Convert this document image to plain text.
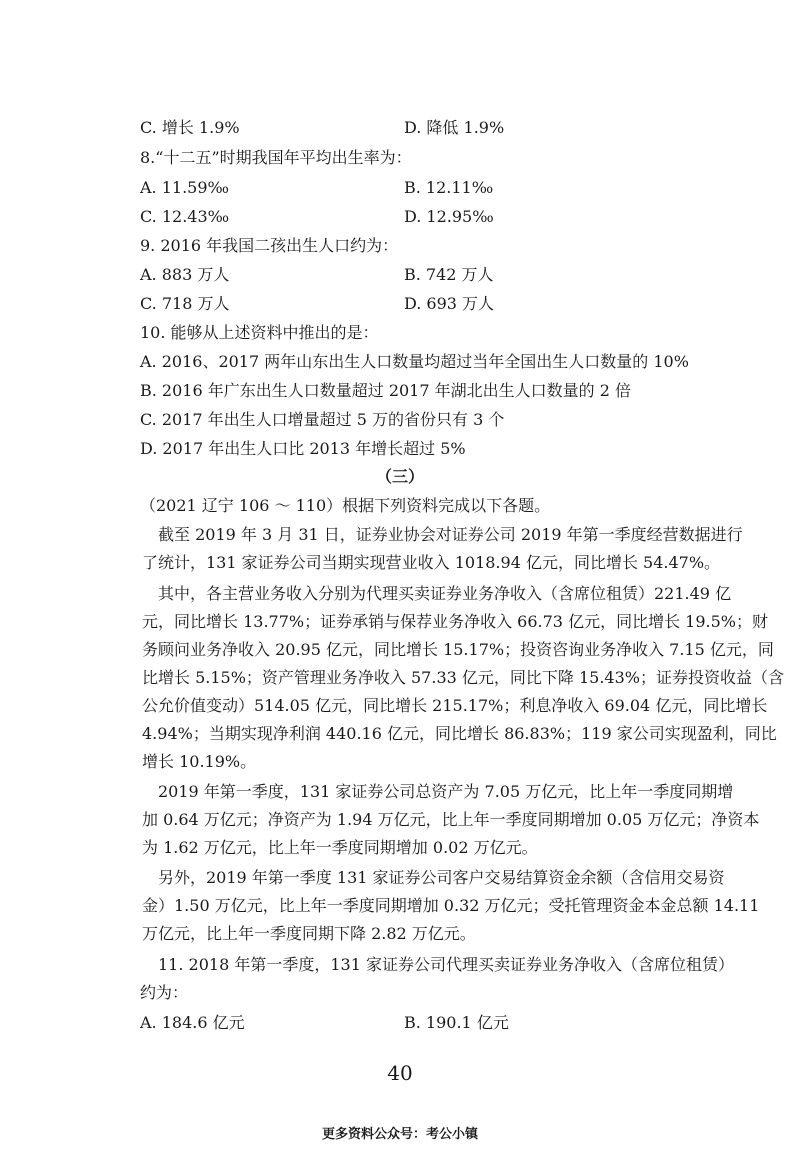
C. 增长 1.9%	D. 降低 1.9%
8.“十二五”时期我国年平均出生率为：
A. 11.59‰	B. 12.11‰
C. 12.43‰	D. 12.95‰
9. 2016 年我国二孩出生人口约为：
A. 883 万人	B. 742 万人
C. 718 万人	D. 693 万人
10. 能够从上述资料中推出的是：
A. 2016、2017 两年山东出生人口数量均超过当年全国出生人口数量的 10%
B. 2016 年广东出生人口数量超过 2017 年湖北出生人口数量的 2 倍
C. 2017 年出生人口增量超过 5 万的省份只有 3 个
D. 2017 年出生人口比 2013 年增长超过 5%
（三）
（2021 辽宁 106 ～ 110）根据下列资料完成以下各题。
截至 2019 年 3 月 31 日，证券业协会对证券公司 2019 年第一季度经营数据进行
了统计，131 家证券公司当期实现营业收入 1018.94 亿元，同比增长 54.47%。
其中，各主营业务收入分别为代理买卖证券业务净收入（含席位租赁）221.49 亿
元，同比增长 13.77%；证券承销与保荐业务净收入 66.73 亿元，同比增长 19.5%；财
务顾问业务净收入 20.95 亿元，同比增长 15.17%；投资咨询业务净收入 7.15 亿元，同
比增长 5.15%；资产管理业务净收入 57.33 亿元，同比下降 15.43%；证券投资收益（含
公允价值变动）514.05 亿元，同比增长 215.17%；利息净收入 69.04 亿元，同比增长
4.94%；当期实现净利润 440.16 亿元，同比增长 86.83%；119 家公司实现盈利，同比
增长 10.19%。
2019 年第一季度，131 家证券公司总资产为 7.05 万亿元，比上年一季度同期增
加 0.64 万亿元；净资产为 1.94 万亿元，比上年一季度同期增加 0.05 万亿元；净资本
为 1.62 万亿元，比上年一季度同期增加 0.02 万亿元。
另外，2019 年第一季度 131 家证券公司客户交易结算资金余额（含信用交易资
金）1.50 万亿元，比上年一季度同期增加 0.32 万亿元；受托管理资金本金总额 14.11
万亿元，比上年一季度同期下降 2.82 万亿元。
11. 2018 年第一季度，131 家证券公司代理买卖证券业务净收入（含席位租赁）
约为：
A. 184.6 亿元	B. 190.1 亿元
40
更多资料公众号：考公小镇
